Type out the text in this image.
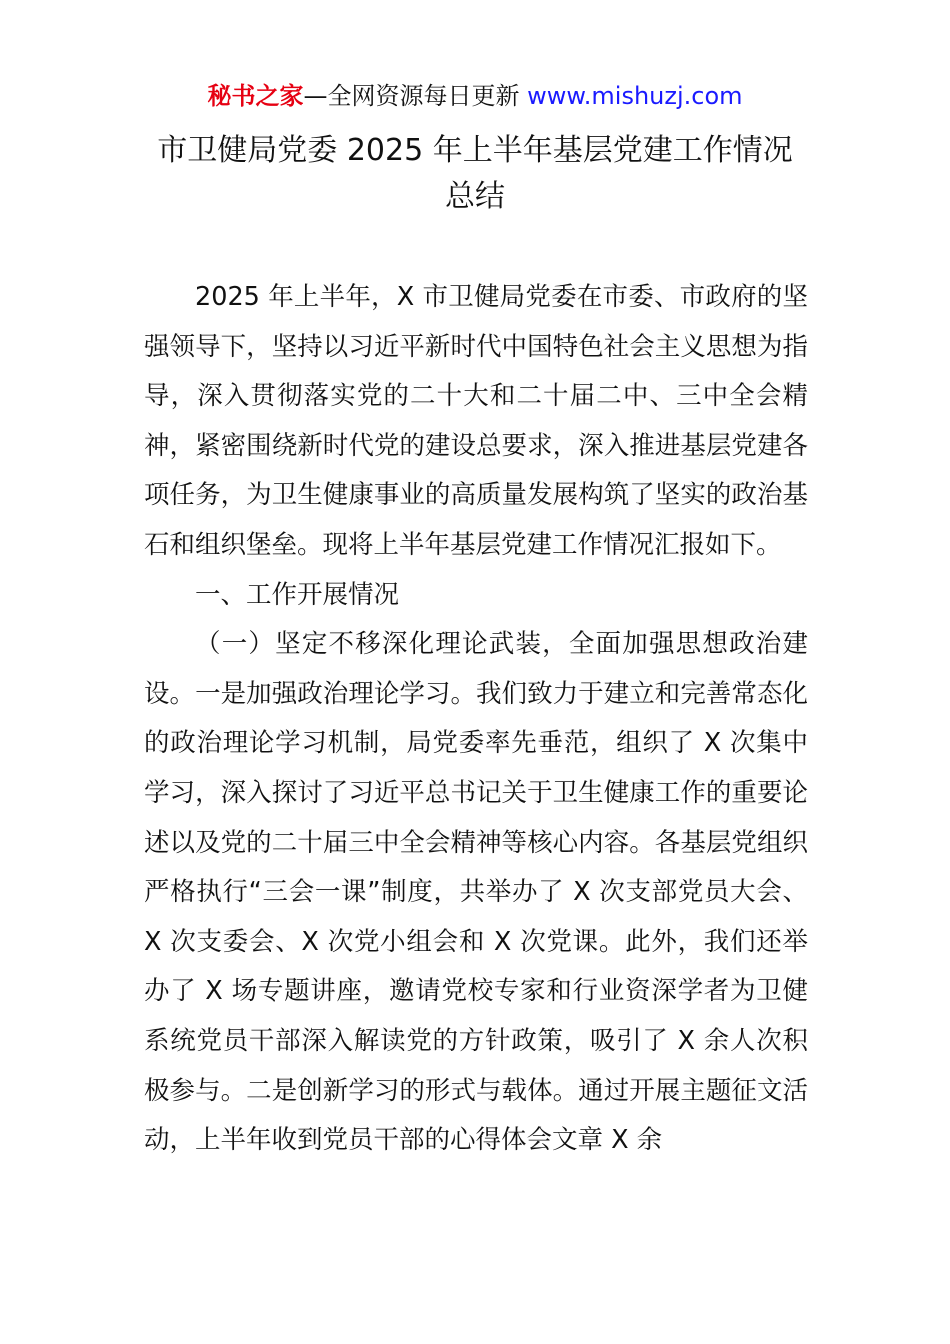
秘书之家—全网资源每日更新 www.mishuzj.com
市卫健局党委 2025 年上半年基层党建工作情况
总结

2025 年上半年，X 市卫健局党委在市委、市政府的坚强领导下，坚持以习近平新时代中国特色社会主义思想为指导，深入贯彻落实党的二十大和二十届二中、三中全会精神，紧密围绕新时代党的建设总要求，深入推进基层党建各项任务，为卫生健康事业的高质量发展构筑了坚实的政治基石和组织堡垒。现将上半年基层党建工作情况汇报如下。

一、工作开展情况

（一）坚定不移深化理论武装，全面加强思想政治建设。一是加强政治理论学习。我们致力于建立和完善常态化的政治理论学习机制，局党委率先垂范，组织了 X 次集中学习，深入探讨了习近平总书记关于卫生健康工作的重要论述以及党的二十届三中全会精神等核心内容。各基层党组织严格执行“三会一课”制度，共举办了 X 次支部党员大会、X 次支委会、X 次党小组会和 X 次党课。此外，我们还举办了 X 场专题讲座，邀请党校专家和行业资深学者为卫健系统党员干部深入解读党的方针政策，吸引了 X 余人次积极参与。二是创新学习的形式与载体。通过开展主题征文活动，上半年收到党员干部的心得体会文章 X 余
